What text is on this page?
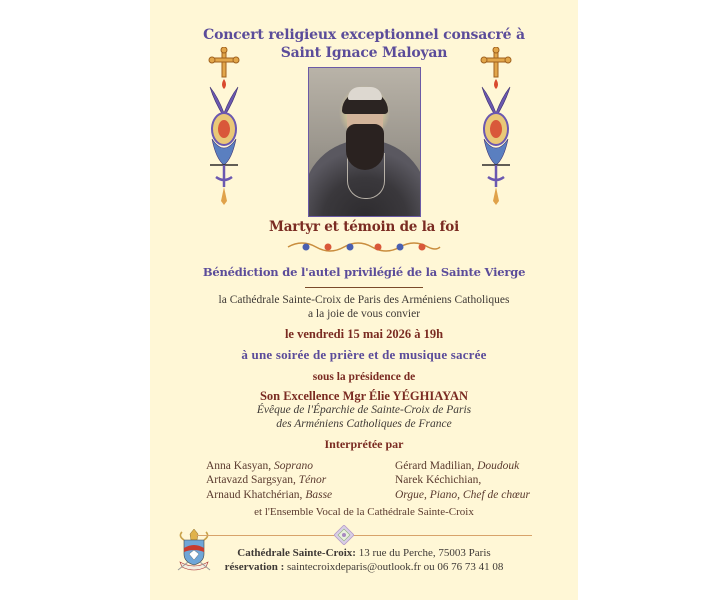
Concert religieux exceptionnel consacré à
Saint Ignace Maloyan
Martyr et témoin de la foi
Bénédiction de l'autel privilégié de la Sainte Vierge
la Cathédrale Sainte-Croix de Paris des Arméniens Catholiques
a la joie de vous convier
le vendredi 15 mai 2026 à 19h
à une soirée de prière et de musique sacrée
sous la présidence de
Son Excellence Mgr Élie YÉGHIAYAN
Évêque de l'Éparchie de Sainte-Croix de Paris
des Arméniens Catholiques de France
Interprétée par
Anna Kasyan, Soprano
Artavazd Sargsyan, Ténor
Arnaud Khatchérian, Basse
Gérard Madilian, Doudouk
Narek Kéchichian,
Orgue, Piano, Chef de chœur
et l'Ensemble Vocal de la Cathédrale Sainte-Croix
Cathédrale Sainte-Croix: 13 rue du Perche, 75003 Paris
réservation : saintecroixdeparis@outlook.fr ou 06 76 73 41 08
